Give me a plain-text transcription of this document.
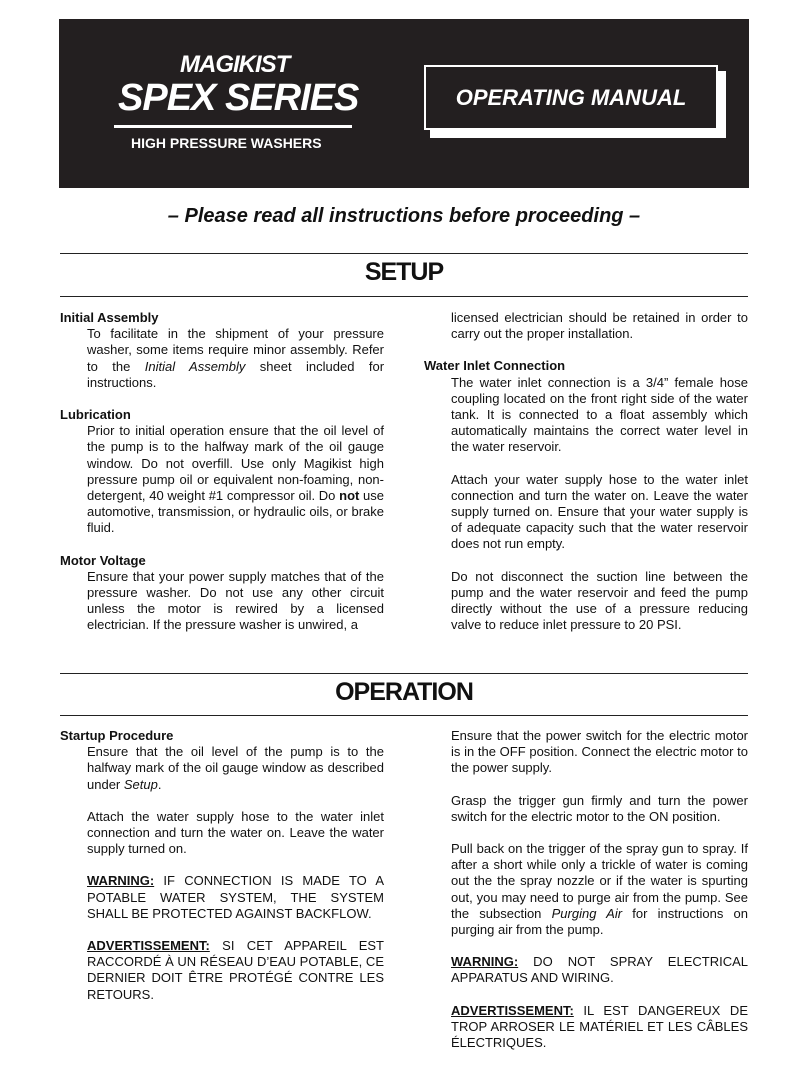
MAGIKIST
SPEX SERIES
HIGH PRESSURE WASHERS
OPERATING MANUAL
– Please read all instructions before proceeding –
SETUP

Initial Assembly

To facilitate in the shipment of your pressure washer, some items require minor assembly. Refer to the Initial Assembly sheet included for instructions.

Lubrication

Prior to initial operation ensure that the oil level of the pump is to the halfway mark of the oil gauge window. Do not overfill. Use only Magikist high pressure pump oil or equivalent non-foaming, non-detergent, 40 weight #1 compressor oil. Do not use automotive, transmission, or hydraulic oils, or brake fluid.

Motor Voltage

Ensure that your power supply matches that of the pressure washer. Do not use any other circuit unless the motor is rewired by a licensed electrician. If the pressure washer is unwired, a

licensed electrician should be retained in order to carry out the proper installation.

Water Inlet Connection

The water inlet connection is a 3/4” female hose coupling located on the front right side of the water tank. It is connected to a float assembly which automatically maintains the correct water level in the water reservoir.

Attach your water supply hose to the water inlet connection and turn the water on. Leave the water supply turned on. Ensure that your water supply is of adequate capacity such that the water reservoir does not run empty.

Do not disconnect the suction line between the pump and the water reservoir and feed the pump directly without the use of a pressure reducing valve to reduce inlet pressure to 20 PSI.

OPERATION

Startup Procedure

Ensure that the oil level of the pump is to the halfway mark of the oil gauge window as described under Setup.

Attach the water supply hose to the water inlet connection and turn the water on. Leave the water supply turned on.

WARNING: IF CONNECTION IS MADE TO A POTABLE WATER SYSTEM, THE SYSTEM SHALL BE PROTECTED AGAINST BACKFLOW.

ADVERTISSEMENT: SI CET APPAREIL EST RACCORDÉ À UN RÉSEAU D’EAU POTABLE, CE DERNIER DOIT ÊTRE PROTÉGÉ CONTRE LES RETOURS.

Ensure that the power switch for the electric motor is in the OFF position. Connect the electric motor to the power supply.

Grasp the trigger gun firmly and turn the power switch for the electric motor to the ON position.

Pull back on the trigger of the spray gun to spray. If after a short while only a trickle of water is coming out the the spray nozzle or if the water is spurting out, you may need to purge air from the pump. See the subsection Purging Air for instructions on purging air from the pump.

WARNING: DO NOT SPRAY ELECTRICAL APPARATUS AND WIRING.

ADVERTISSEMENT: IL EST DANGEREUX DE TROP ARROSER LE MATÉRIEL ET LES CÂBLES ÉLECTRIQUES.
